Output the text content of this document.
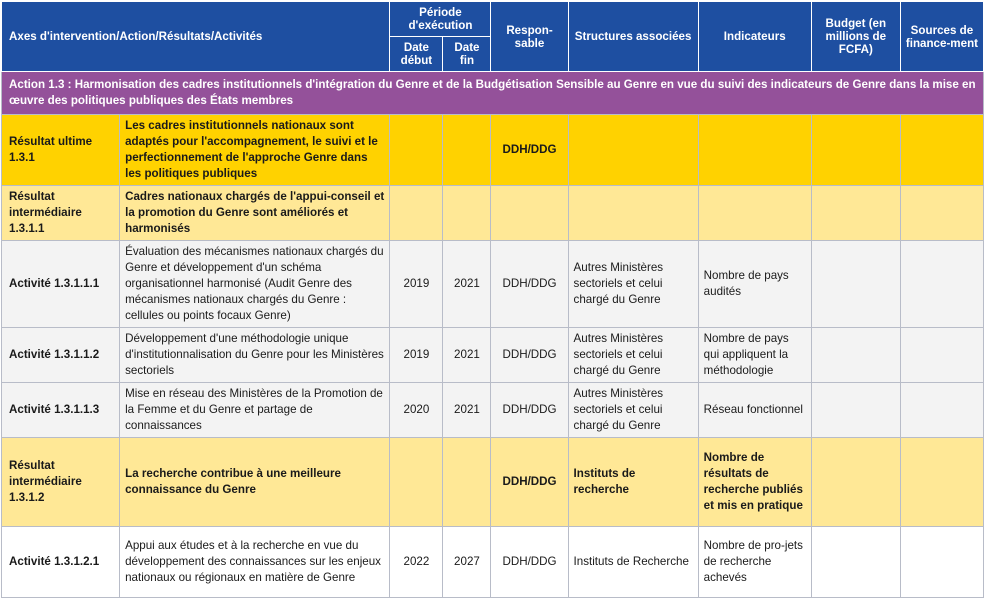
Axes d'intervention/Action/Résultats/Activités		Période d'exécution		Respon-sable	Structures associées	Indicateurs	Budget (en millions de FCFA)	Sources de finance-ment
		Date début	Date fin					
Action 1.3 : Harmonisation des cadres institutionnels d'intégration du Genre et de la Budgétisation Sensible au Genre en vue du suivi des indicateurs de Genre dans la mise en œuvre des politiques publiques des États membres								
Résultat ultime 1.3.1	Les cadres institutionnels nationaux sont adaptés pour l'accompagnement, le suivi et le perfectionnement de l'approche Genre dans les politiques publiques			DDH/DDG				
Résultat intermédiaire 1.3.1.1	Cadres nationaux chargés de l'appui-conseil et la promotion du Genre sont améliorés et harmonisés							
Activité 1.3.1.1.1	Évaluation des mécanismes nationaux chargés du Genre et développement d'un schéma organisationnel harmonisé (Audit Genre des mécanismes nationaux chargés du Genre : cellules ou points focaux Genre)	2019	2021	DDH/DDG	Autres Ministères sectoriels et celui chargé du Genre	Nombre de pays audités		
Activité 1.3.1.1.2	Développement d'une méthodologie unique d'institutionnalisation du Genre pour les Ministères sectoriels	2019	2021	DDH/DDG	Autres Ministères sectoriels et celui chargé du Genre	Nombre de pays qui appliquent la méthodologie		
Activité 1.3.1.1.3	Mise en réseau des Ministères de la Promotion de la Femme et du Genre et partage de connaissances	2020	2021	DDH/DDG	Autres Ministères sectoriels et celui chargé du Genre	Réseau fonctionnel		
Résultat intermédiaire 1.3.1.2	La recherche contribue à une meilleure connaissance du Genre			DDH/DDG	Instituts de recherche	Nombre de résultats de recherche publiés et mis en pratique		
Activité 1.3.1.2.1	Appui aux études et à la recherche en vue du développement des connaissances sur les enjeux nationaux ou régionaux en matière de Genre	2022	2027	DDH/DDG	Instituts de Recherche	Nombre de pro-jets de recherche achevés		
